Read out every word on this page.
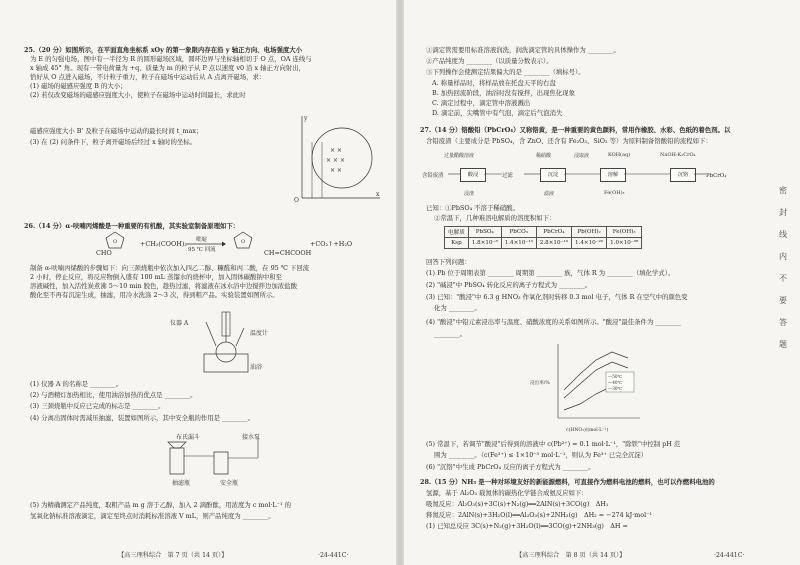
25.（20 分）如图所示，在平面直角坐标系 xOy 的第一象限内存在沿 y 轴正方向、电场强度大小
为 E 的匀强电场，图中有一半径为 R 的圆形磁场区域，圆环边界与坐标轴相切于 O 点，OA 连线与
x 轴成 45° 角。现有一带电荷量为 +q、质量为 m 的粒子从 P 点以速度 v0 沿 x 轴正方向射出，
恰好从 O 点进入磁场，不计粒子重力，粒子在磁场中运动后从 A 点离开磁场，求：
(1) 磁场的磁感应强度 B 的大小；
(2) 若仅改变磁场的磁感应强度大小，使粒子在磁场中运动时间最长，求此时
磁感应强度大小 B' 及粒子在磁场中运动的最长时间 t_max；
(3) 在 (2) 问条件下，粒子离开磁场后经过 x 轴时的坐标。
× ×
× × ×
× ×
O
x
y
26.（14 分）α-呋喃丙烯酸是一种重要的有机酸，其实验室制备原理如下：
CHO
+CH₂(COOH)₂ 吡啶
95 ℃ 回流	CH=CHCOOH
+CO₂↑+H₂O
O	O
制备 α-呋喃丙烯酸的步骤如下：向三颈烧瓶中依次加入四乙二醇、糠醛和丙二酸，在 95 ℃ 下回流
2 小时，停止反应，将反应物倒入盛有 100 mL 蒸馏水的烧杯中，加入固体碳酸钠中和至
溶液碱性，加入活性炭煮沸 5～10 min 脱色，趁热过滤，将滤液在冰水浴中边搅拌边加浓盐酸
酸化至不再有沉淀生成，抽滤，用冷水洗涤 2～3 次，得到粗产品。实验装置如图所示。
仪器 A
温度计
油浴
(1) 仪器 A 的名称是 ________。
(2) 与酒精灯加热相比，使用油浴加热的优点是 ________。
(3) 三颈烧瓶中反应已完成的标志是 ________。
(4) 分离出固体时需减压抽滤，装置如图所示，其中安全瓶的作用是 ________。
布氏漏斗
安全瓶
抽滤瓶
接水泵
(5) 为精确测定产品纯度，取粗产品 m g 溶于乙醇，加入 2 滴酚酞，用浓度为 c mol·L⁻¹ 的
氢氧化钠标准溶液滴定，滴定至终点时消耗标准溶液 V mL，则产品纯度为 ________。
【高三理科综合　第 7 页（共 14 页）】	·24-441C·
①滴定管需要用标准溶液润洗，润洗滴定管的具体操作为 ________。
②产品纯度为 ________（以质量分数表示）。
③下列操作会使测定结果偏大的是 ________（填标号）。
A. 称量样品时，将样品放在托盘天平的右盘
B. 加热回流阶段，油浴时没有搅拌，出现焦化现象
C. 滴定过程中，滴定管中溶液溅出
D. 滴定前，尖嘴管中有气泡，滴定后气泡消失
27.（14 分）铬酸铅（PbCrO₄）又称铬黄，是一种重要的黄色颜料，常用作橡胶、水彩、色纸的着色剂。以
含铅废渣（主要成分是 PbSO₄，含 ZnO、还含有 Fe₂O₃、SiO₂ 等）为原料制备铬酸铅的流程如下：
过量醋酸溶液	稀硝酸	浸取液	KOH(aq)	NaOH-K₂CrO₄
含铅废渣	酸浸	过滤	沉淀	溶解	沉铬	PbCrO₄
浸渣	滤液	Fe(OH)₃
已知：①PbSO₄ 不溶于稀硝酸。
②常温下，几种难溶电解质的溶度积如下：
电解质	PbSO₄	PbCO₃	PbCrO₄	Pb(OH)₂	Fe(OH)₃
Ksp	1.8×10⁻⁸	1.4×10⁻¹³	2.8×10⁻¹³	1.4×10⁻²⁰	1.0×10⁻³⁸
回答下列问题：
(1) Pb 位于周期表第 ________ 周期第 ________ 族，气体 R 为 ________（填化学式）。
(2) "碱浸"中 PbSO₄ 转化反应的离子方程式为 ________。
(3) 已知："酸浸"中 6.3 g HNO₃ 作氧化剂时转移 0.3 mol 电子，气体 R 在空气中的颜色变
化为 ________。
(4) "酸浸"中铅元素浸出率与温度、硝酸浓度的关系如图所示。"酸浸"最佳条件为 ________
________。
浸出率/%
c(HNO₃)/(mol·L⁻¹)
—50℃
—40℃
—30℃
(5) 常温下，若调节"酸浸"后得到的溶液中 c(Pb²⁺) = 0.1 mol·L⁻¹，"除铁"中控制 pH 范
围为 ________。（c(Fe³⁺) ≤ 1×10⁻⁵ mol·L⁻¹，则认为 Fe³⁺ 已完全沉淀）
(6) "沉铬"中生成 PbCrO₄ 反应的离子方程式为 ________。
28.（15 分）NH₃ 是一种对环境友好的新能源燃料，可直接作为燃料电池的燃料，也可以作燃料电池的
氢源，基于 Al₂O₃ 载氮体的碳热化学链合成氨反应如下：
吸氮反应：Al₂O₃(s)+3C(s)+N₂(g)══2AlN(s)+3CO(g)　ΔH₁
释氮反应：2AlN(s)+3H₂O(l)══Al₂O₃(s)+2NH₃(g)　ΔH₂ = −274 kJ·mol⁻¹
(1) 已知总反应 3C(s)+N₂(g)+3H₂O(l)══3CO(g)+2NH₃(g)　ΔH =
【高三理科综合　第 8 页（共 14 页）】	·24-441C·
密
封
线
内
不
要
答
题
